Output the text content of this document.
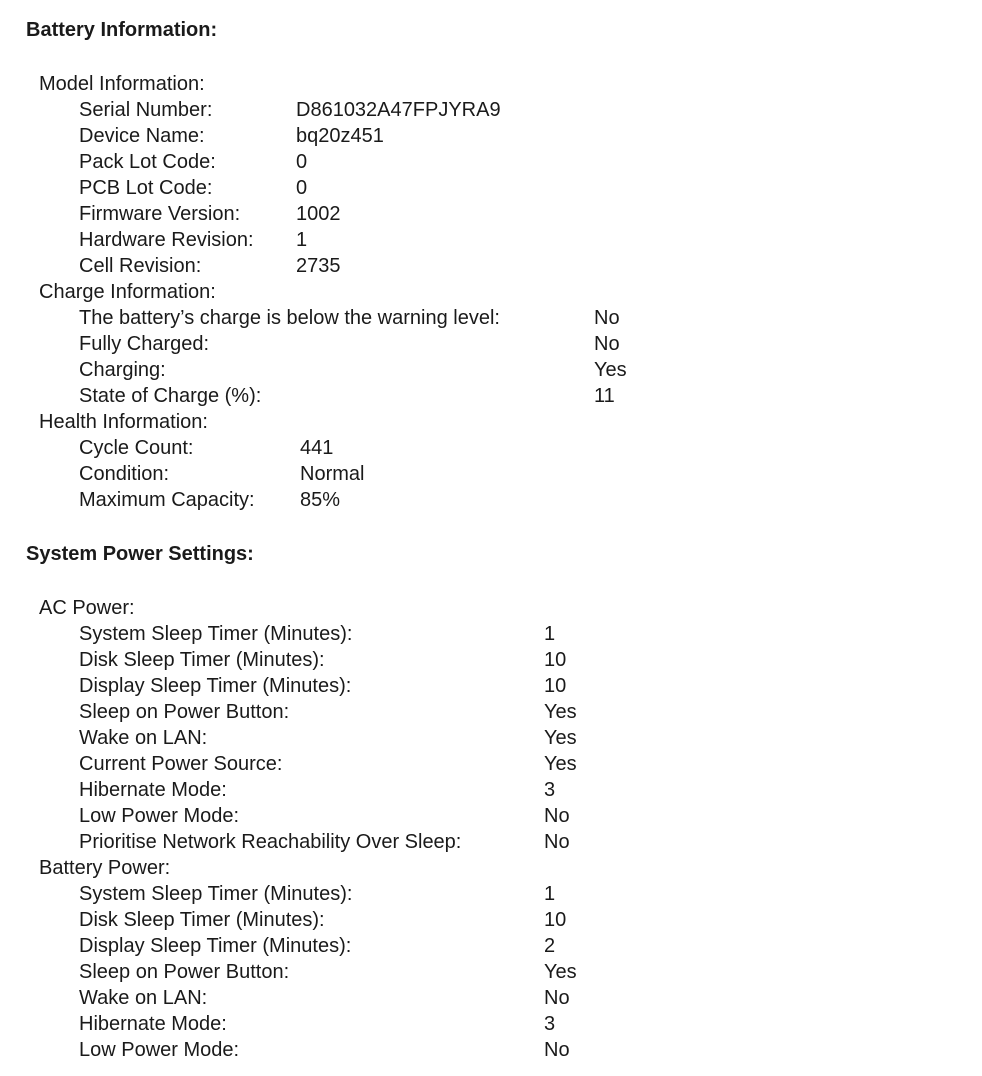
Battery Information:
Model Information:
Charge Information:
Health Information:
System Power Settings:
AC Power:
Battery Power:
Serial Number:	D861032A47FPJYRA9
Device Name:	bq20z451
Pack Lot Code:	0
PCB Lot Code:	0
Firmware Version:	1002
Hardware Revision: 1
Cell Revision:	2735
The battery’s charge is below the warning level:	No
Fully Charged:	No
Charging:	Yes
State of Charge (%):	11
Cycle Count:	441
Condition:	Normal
Maximum Capacity: 85%
System Sleep Timer (Minutes):	1
Disk Sleep Timer (Minutes):	10
Display Sleep Timer (Minutes):	10
Sleep on Power Button:	Yes
Wake on LAN:	Yes
Current Power Source:	Yes
Hibernate Mode:	3
Low Power Mode:	No
Prioritise Network Reachability Over Sleep:	No
System Sleep Timer (Minutes):	1
Disk Sleep Timer (Minutes):	10
Display Sleep Timer (Minutes):	2
Sleep on Power Button:	Yes
Wake on LAN:	No
Hibernate Mode:	3
Low Power Mode:	No
